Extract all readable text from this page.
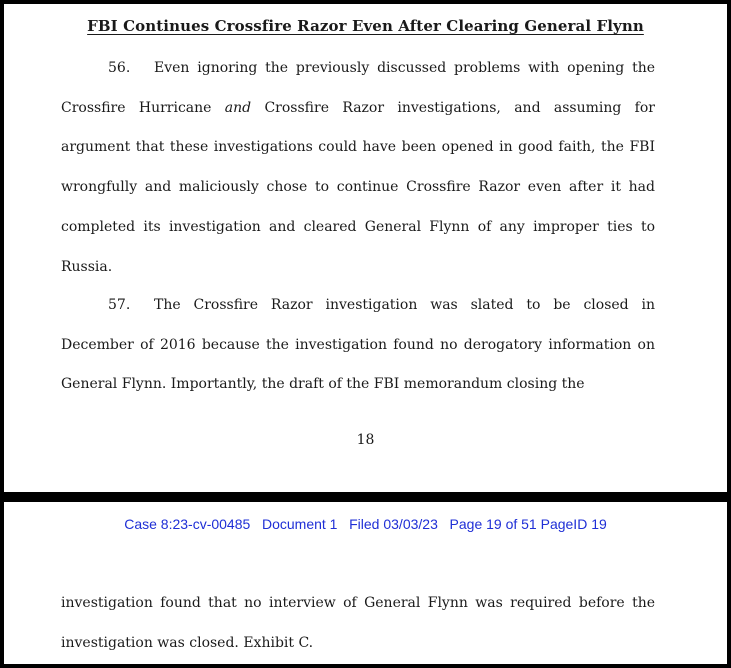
FBI Continues Crossfire Razor Even After Clearing General Flynn

56. Even ignoring the previously discussed problems with opening the Crossfire Hurricane and Crossfire Razor investigations, and assuming for argument that these investigations could have been opened in good faith, the FBI wrongfully and maliciously chose to continue Crossfire Razor even after it had completed its investigation and cleared General Flynn of any improper ties to Russia.

57. The Crossfire Razor investigation was slated to be closed in December of 2016 because the investigation found no derogatory information on General Flynn. Importantly, the draft of the FBI memorandum closing the

18
Case 8:23-cv-00485 Document 1 Filed 03/03/23 Page 19 of 51 PageID 19

investigation found that no interview of General Flynn was required before the investigation was closed. Exhibit C.
